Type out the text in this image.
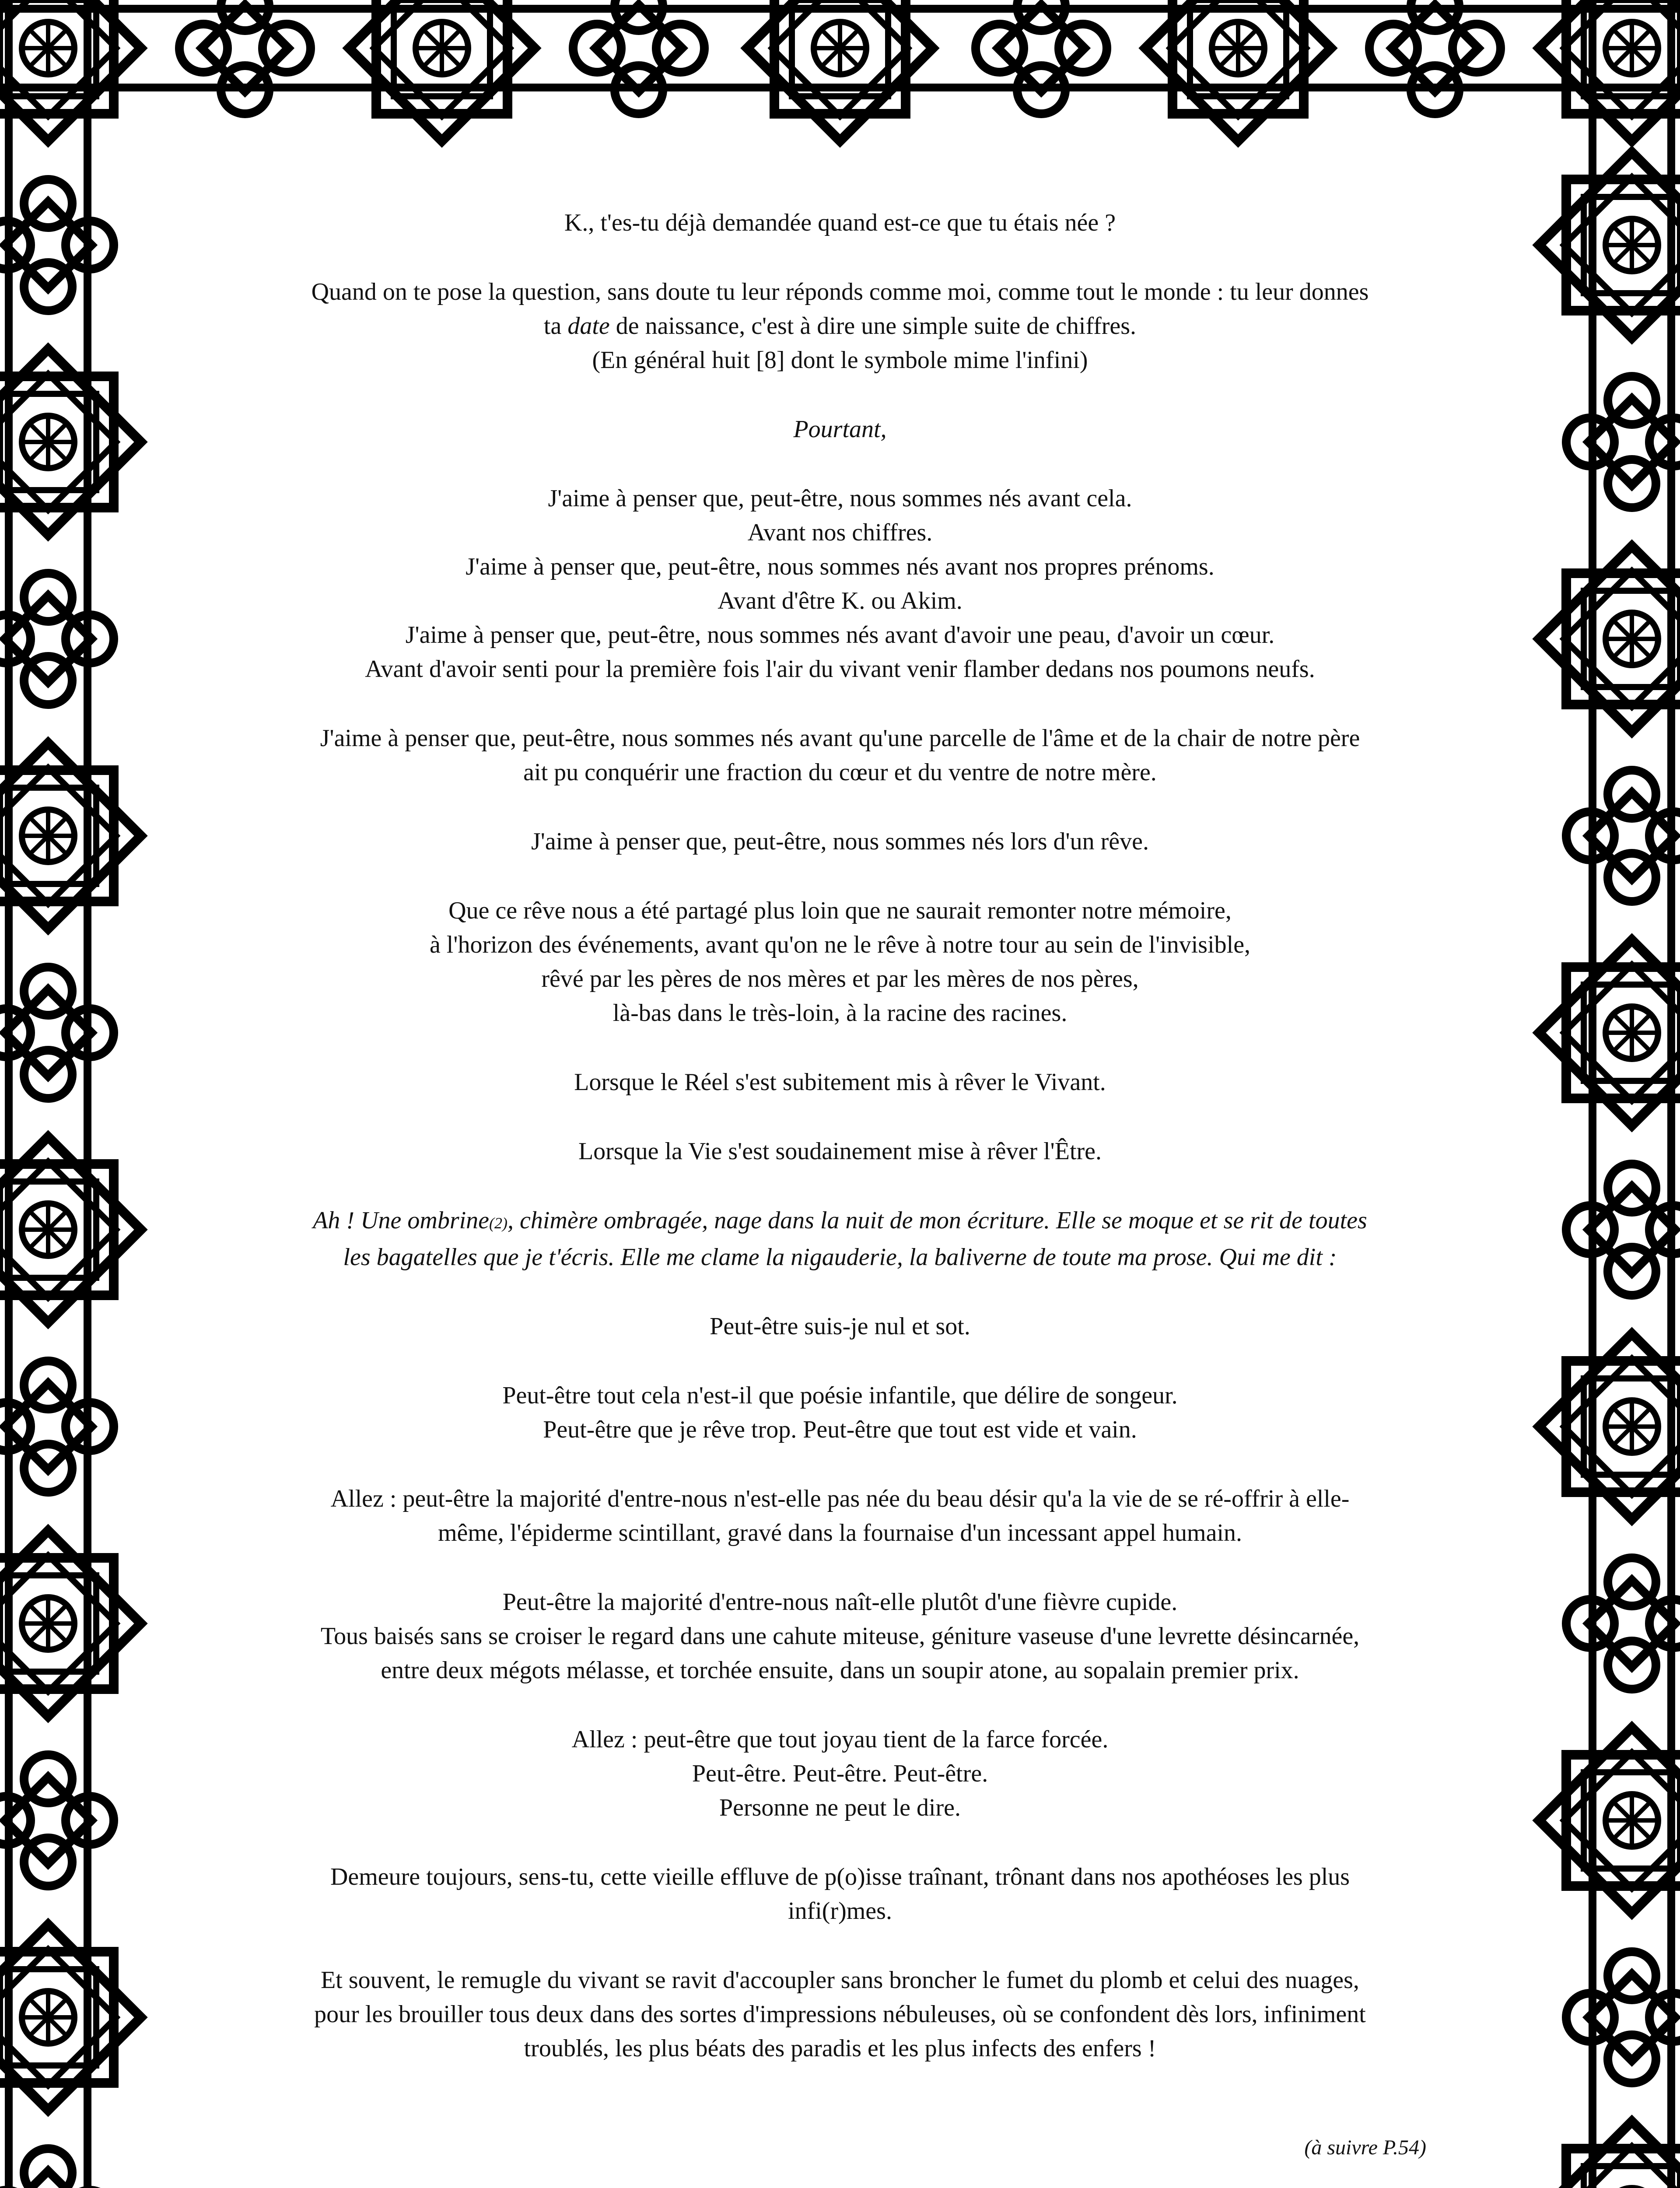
K., t'es-tu déjà demandée quand est-ce que tu étais née ?

Quand on te pose la question, sans doute tu leur réponds comme moi, comme tout le monde : tu leur donnes
ta date de naissance, c'est à dire une simple suite de chiffres.
(En général huit [8] dont le symbole mime l'infini)

Pourtant,

J'aime à penser que, peut-être, nous sommes nés avant cela.
Avant nos chiffres.
J'aime à penser que, peut-être, nous sommes nés avant nos propres prénoms.
Avant d'être K. ou Akim.
J'aime à penser que, peut-être, nous sommes nés avant d'avoir une peau, d'avoir un cœur.
Avant d'avoir senti pour la première fois l'air du vivant venir flamber dedans nos poumons neufs.

J'aime à penser que, peut-être, nous sommes nés avant qu'une parcelle de l'âme et de la chair de notre père
ait pu conquérir une fraction du cœur et du ventre de notre mère.

J'aime à penser que, peut-être, nous sommes nés lors d'un rêve.

Que ce rêve nous a été partagé plus loin que ne saurait remonter notre mémoire,
à l'horizon des événements, avant qu'on ne le rêve à notre tour au sein de l'invisible,
rêvé par les pères de nos mères et par les mères de nos pères,
là-bas dans le très-loin, à la racine des racines.

Lorsque le Réel s'est subitement mis à rêver le Vivant.

Lorsque la Vie s'est soudainement mise à rêver l'Être.

Ah ! Une ombrine(2), chimère ombragée, nage dans la nuit de mon écriture. Elle se moque et se rit de toutes
les bagatelles que je t'écris. Elle me clame la nigauderie, la baliverne de toute ma prose. Qui me dit :

Peut-être suis-je nul et sot.

Peut-être tout cela n'est-il que poésie infantile, que délire de songeur.
Peut-être que je rêve trop. Peut-être que tout est vide et vain.

Allez : peut-être la majorité d'entre-nous n'est-elle pas née du beau désir qu'a la vie de se ré-offrir à elle-
même, l'épiderme scintillant, gravé dans la fournaise d'un incessant appel humain.

Peut-être la majorité d'entre-nous naît-elle plutôt d'une fièvre cupide.
Tous baisés sans se croiser le regard dans une cahute miteuse, géniture vaseuse d'une levrette désincarnée,
entre deux mégots mélasse, et torchée ensuite, dans un soupir atone, au sopalain premier prix.

Allez : peut-être que tout joyau tient de la farce forcée.
Peut-être. Peut-être. Peut-être.
Personne ne peut le dire.

Demeure toujours, sens-tu, cette vieille effluve de p(o)isse traînant, trônant dans nos apothéoses les plus
infi(r)mes.

Et souvent, le remugle du vivant se ravit d'accoupler sans broncher le fumet du plomb et celui des nuages,
pour les brouiller tous deux dans des sortes d'impressions nébuleuses, où se confondent dès lors, infiniment
troublés, les plus béats des paradis et les plus infects des enfers !

(à suivre P.54)
